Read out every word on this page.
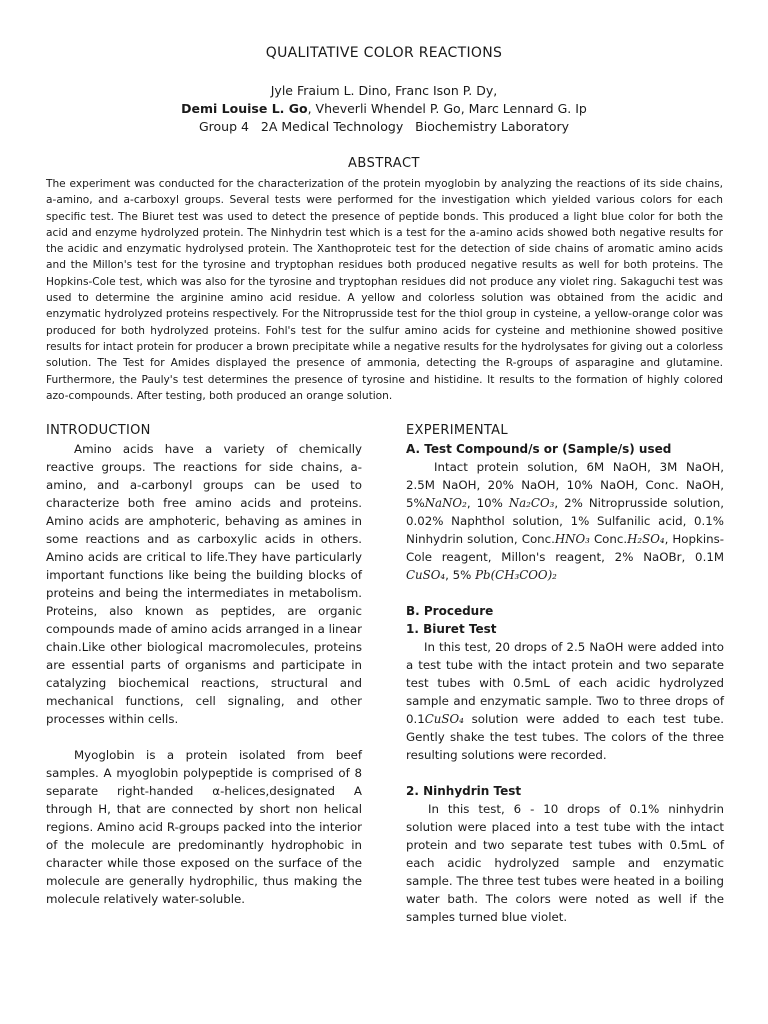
QUALITATIVE COLOR REACTIONS
Jyle Fraium L. Dino, Franc Ison P. Dy,
Demi Louise L. Go, Vheverli Whendel P. Go, Marc Lennard G. Ip
Group 4   2A Medical Technology   Biochemistry Laboratory
ABSTRACT
The experiment was conducted for the characterization of the protein myoglobin by analyzing the reactions of its side chains, a-amino, and a-carboxyl groups. Several tests were performed for the investigation which yielded various colors for each specific test. The Biuret test was used to detect the presence of peptide bonds. This produced a light blue color for both the acid and enzyme hydrolyzed protein. The Ninhydrin test which is a test for the a-amino acids showed both negative results for the acidic and enzymatic hydrolysed protein. The Xanthoproteic test for the detection of side chains of aromatic amino acids and the Millon's test for the tyrosine and tryptophan residues both produced negative results as well for both proteins. The Hopkins-Cole test, which was also for the tyrosine and tryptophan residues did not produce any violet ring. Sakaguchi test was used to determine the arginine amino acid residue. A yellow and colorless solution was obtained from the acidic and enzymatic hydrolyzed proteins respectively. For the Nitroprusside test for the thiol group in cysteine, a yellow-orange color was produced for both hydrolyzed proteins. Fohl's test for the sulfur amino acids for cysteine and methionine showed positive results for intact protein for producer a brown precipitate while a negative results for the hydrolysates for giving out a colorless solution. The Test for Amides displayed the presence of ammonia, detecting the R-groups of asparagine and glutamine. Furthermore, the Pauly's test determines the presence of tyrosine and histidine. It results to the formation of highly colored azo-compounds. After testing, both produced an orange solution.
INTRODUCTION

Amino acids have a variety of chemically reactive groups. The reactions for side chains, a-amino, and a-carbonyl groups can be used to characterize both free amino acids and proteins. Amino acids are amphoteric, behaving as amines in some reactions and as carboxylic acids in others. Amino acids are critical to life.They have particularly important functions like being the building blocks of proteins and being the intermediates in metabolism. Proteins, also known as peptides, are organic compounds made of amino acids arranged in a linear chain.Like other biological macromolecules, proteins are essential parts of organisms and participate in catalyzing biochemical reactions, structural and mechanical functions, cell signaling, and other processes within cells.

Myoglobin is a protein isolated from beef samples. A myoglobin polypeptide is comprised of 8 separate right-handed α-helices,designated A through H, that are connected by short non helical regions. Amino acid R-groups packed into the interior of the molecule are predominantly hydrophobic in character while those exposed on the surface of the molecule are generally hydrophilic, thus making the molecule relatively water-soluble.

EXPERIMENTAL
A. Test Compound/s or (Sample/s) used

Intact protein solution, 6M NaOH, 3M NaOH, 2.5M NaOH, 20% NaOH, 10% NaOH, Conc. NaOH, 5%NaNO₂, 10% Na₂CO₃, 2% Nitroprusside solution, 0.02% Naphthol solution, 1% Sulfanilic acid, 0.1% Ninhydrin solution, Conc.HNO₃ Conc.H₂SO₄, Hopkins-Cole reagent, Millon's reagent, 2% NaOBr, 0.1M CuSO₄, 5% Pb(CH₃COO)₂

B. Procedure
1. Biuret Test

In this test, 20 drops of 2.5 NaOH were added into a test tube with the intact protein and two separate test tubes with 0.5mL of each acidic hydrolyzed sample and enzymatic sample. Two to three drops of 0.1CuSO₄ solution were added to each test tube. Gently shake the test tubes. The colors of the three resulting solutions were recorded.

2. Ninhydrin Test

In this test, 6 - 10 drops of 0.1% ninhydrin solution were placed into a test tube with the intact protein and two separate test tubes with 0.5mL of each acidic hydrolyzed sample and enzymatic sample. The three test tubes were heated in a boiling water bath. The colors were noted as well if the samples turned blue violet.
